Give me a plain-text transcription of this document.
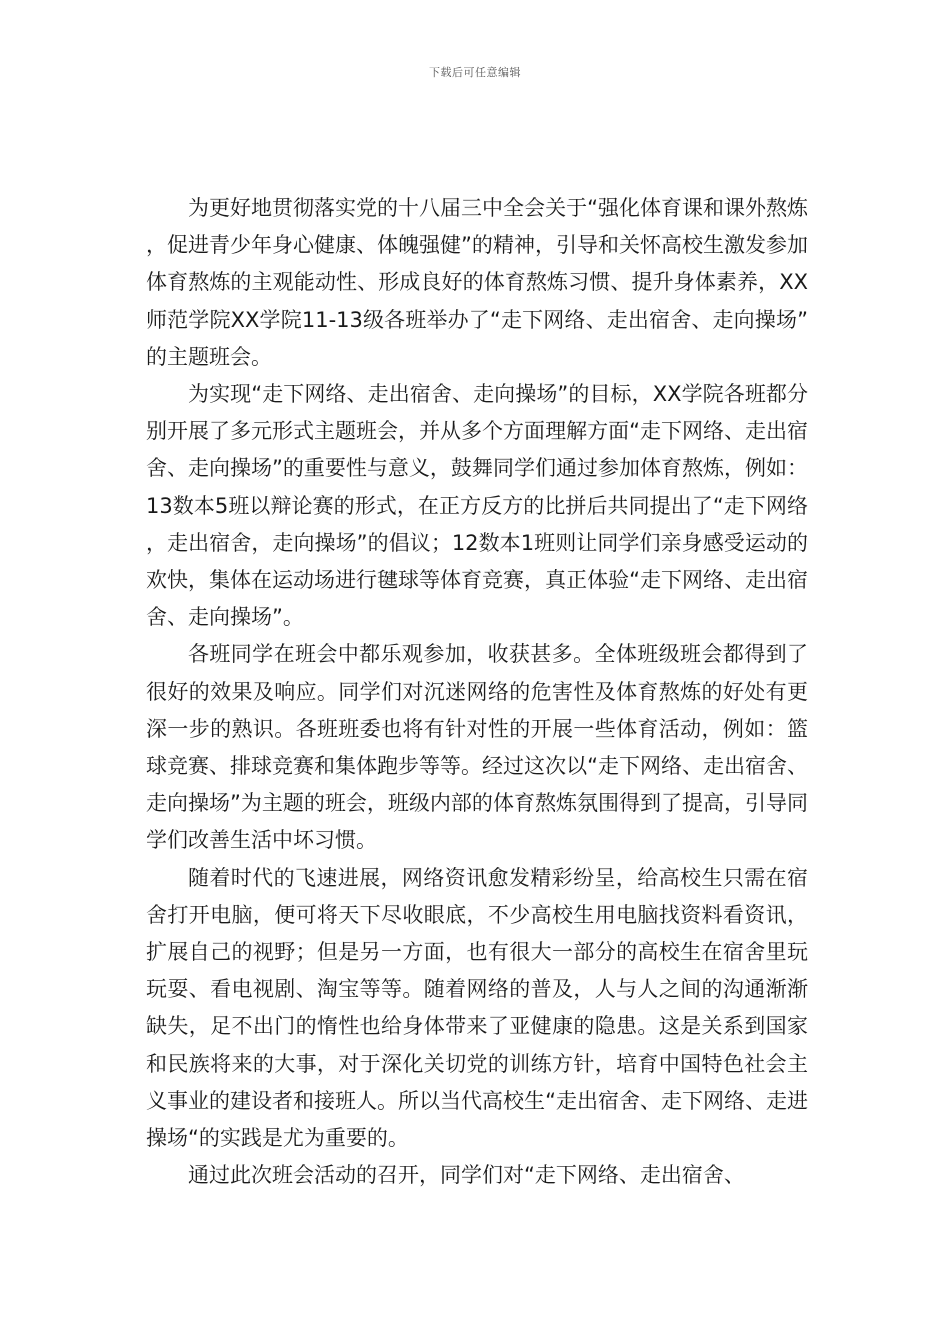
下载后可任意编辑

为更好地贯彻落实党的十八届三中全会关于“强化体育课和课外熬炼，促进青少年身心健康、体魄强健”的精神，引导和关怀高校生激发参加体育熬炼的主观能动性、形成良好的体育熬炼习惯、提升身体素养，XX师范学院XX学院11-13级各班举办了“走下网络、走出宿舍、走向操场”的主题班会。

为实现“走下网络、走出宿舍、走向操场”的目标，XX学院各班都分别开展了多元形式主题班会，并从多个方面理解方面“走下网络、走出宿舍、走向操场”的重要性与意义，鼓舞同学们通过参加体育熬炼，例如：13数本5班以辩论赛的形式，在正方反方的比拼后共同提出了“走下网络，走出宿舍，走向操场”的倡议；12数本1班则让同学们亲身感受运动的欢快，集体在运动场进行毽球等体育竞赛，真正体验“走下网络、走出宿舍、走向操场”。

各班同学在班会中都乐观参加，收获甚多。全体班级班会都得到了很好的效果及响应。同学们对沉迷网络的危害性及体育熬炼的好处有更深一步的熟识。各班班委也将有针对性的开展一些体育活动，例如：篮球竞赛、排球竞赛和集体跑步等等。经过这次以“走下网络、走出宿舍、走向操场”为主题的班会，班级内部的体育熬炼氛围得到了提高，引导同学们改善生活中坏习惯。

随着时代的飞速进展，网络资讯愈发精彩纷呈，给高校生只需在宿舍打开电脑，便可将天下尽收眼底，不少高校生用电脑找资料看资讯，扩展自己的视野；但是另一方面，也有很大一部分的高校生在宿舍里玩玩耍、看电视剧、淘宝等等。随着网络的普及，人与人之间的沟通渐渐缺失，足不出门的惰性也给身体带来了亚健康的隐患。这是关系到国家和民族将来的大事，对于深化关切党的训练方针，培育中国特色社会主义事业的建设者和接班人。所以当代高校生“走出宿舍、走下网络、走进操场“的实践是尤为重要的。

通过此次班会活动的召开，同学们对“走下网络、走出宿舍、
